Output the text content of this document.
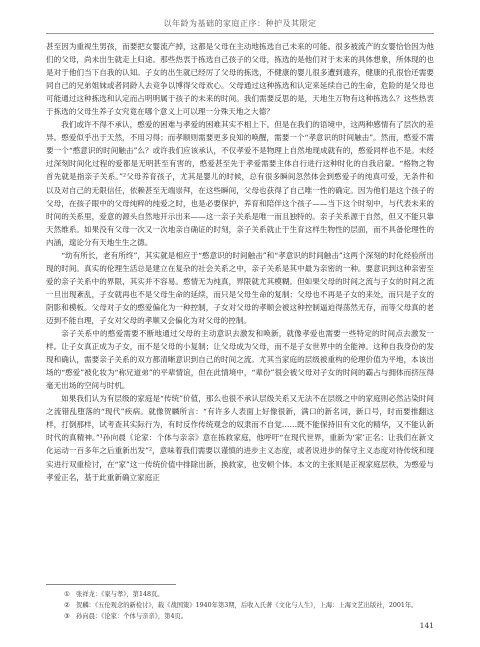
以年龄为基础的家庭正序：种护及其限定

甚至因为重视生男孩，而要把女婴流产掉，这都是父母在主动地拣选自己未来的可能。很多被流产的女婴恰恰因为他们的父母，尚未出生就走上归途。那些热衷于拣选自己孩子的父母，拣选的是他们对于未来的具体想象，所体现的也是对于他们当下自我的认知。子女的出生就已经厉了父母的拣选，不健康的婴儿很多遭到遗弃，健康的孔很恰还需要同自己的兄弟姐妹或者同龄人去竞争以博得父母欢心。父母通过这种拣选和认定来延续自己的生命，危险的是父母也可能通过这种拣选和认定而占明明属于孩子的未来的时间。我们需要反思的是，天地生万物有这种拣选么？这些热衷于拣选的父母生养子女究竟在哪个意义上可以理一分殊天地之大德？

我们或许不得不承认，憨爱的困难与孝爱的困难其实不相上下。但是在我们的语境中，这两种感情有了层次的差异。憨爱似乎出于天然，不用习得；而孝顺则需要更多良知的唤醒，需要一个“孝意识的时间触击”。然而，憨爱不需要一个“憨意识的时间触击”么？或许我们应该承认，不仅孝爱不是物理上自然地现成就有的，憨爱同样也不是。未经过深刻时间化过程的爱都是无明甚至有害的，憨爱甚至先于孝爱需要主体自行进行这种时化的自我启蒙。“格物之物首先就是指亲子关系。”²父母养育孩子，尤其是婴儿的时候，总有很多瞬间忽然体会到憨爱子的纯真可爱，无条件和以及对自己的无限信任，依赖甚至无端崇拜，在这些瞬间，父母也获得了自己唯一性的确定。因为他们是这个孩子的父母，在孩子眼中的父母纯粹的纯爱之时，也是必要保护，养育和陪伴这个孩子——当下这个时刻中，与代表未来的时间的关系里，爱意的源头自然地开示出来——这一亲子关系是唯一而且独特的。亲子关系源于自然，但又不能只靠天然维系。如果没有父母一次又一次地亲自确证的时刻，亲子关系就止于生育这样生物性的层面，而不具备伦理性的内涵，遑论分有天地生生之德。

“幼有所长，老有所终”，其实就是相应于“憨意识的时间触击”和“孝意识的时间触击”这两个深刻的时化经验所出现的时间。真实的伦理生活总是建立在复杂的社会关系之中，亲子关系是其中最为亲密的一种。要意识到这种亲密至爱的亲子关系中的界限，其实并不容易。憨情无为纯真，界限就尤其模糊。但如果父母的时间之流与子女的时间之流一旦出现紊乱，子女就再也不是父母生命的延续，而只是父母生命的复制；父母也不再是子女的来处，而只是子女的阴影和模板。父母对子女的憨爱偏化为一种控制，子女对父母的孝顺会被这种控制逼迫得荡然无存，而等父母真的老迈到不能自理，子女对父母的孝顺又会偏化为对父母的控制。

亲子关系中的憨爱需要不断地通过父母的主动意识去激发和唤新，就像孝爱也需要一些特定的时间点去激发一样。让子女真正成为子女，而不是父母的小复制；让父母成为父母，而不是子女世界中的全能神。这种自我身份的发现和确认，需要亲子关系的双方都清晰意识到自己的时间之流。尤其当家庭的层级被重构的伦理价值为平地，本该出场的“憨爱”被化妆为“称兄道弟”的平辈情谊，但在此情境中，“辈份”很会被父母对子女的时间的霸占与拥体而挤压得毫无出场的空间与时机。

如果我们认为有层级的家庭是“传统”价值，那么也很不承认层级关系又无法不在层级之中的家庭则必然沾染时间之流错乱堕落的“现代”疾病。就像贺麟所言：“有许多人表面上好像很新，满口的新名词，新口号，时而要推翻这样，打倒那样，试考查其实际行为，有时反作传统观念的奴隶而不自觉……既不能保持旧有文化的精华，又不能认新时代的真精神。”¹孙向晨《论家：个体与亲亲》意在拣救家庭，他呼吁“在现代世界，重新为‘家’正名；让我们在新文化运动一百多年之后重新出发”²，意味着我们需要以谨慎的进步主义态度，或者说进步的保守主义态度对待传统和现实进行双重检讨，在“家”这一传统价值中排除出新，换救家，也安顿个体。本文的主张则是正视家庭层秩，为憨爱与孝爱正名，基于此重新确立家庭正

① 张祥龙：《家与孝》，第148页。

② 贺麟：《五伦观念的新检讨》，载《战国策》1940年第3期，后收入氏著《文化与人生》，上海：上海文艺出版社，2001年。

③ 孙向晨：《论家：个体与亲亲》，第4页。

141
